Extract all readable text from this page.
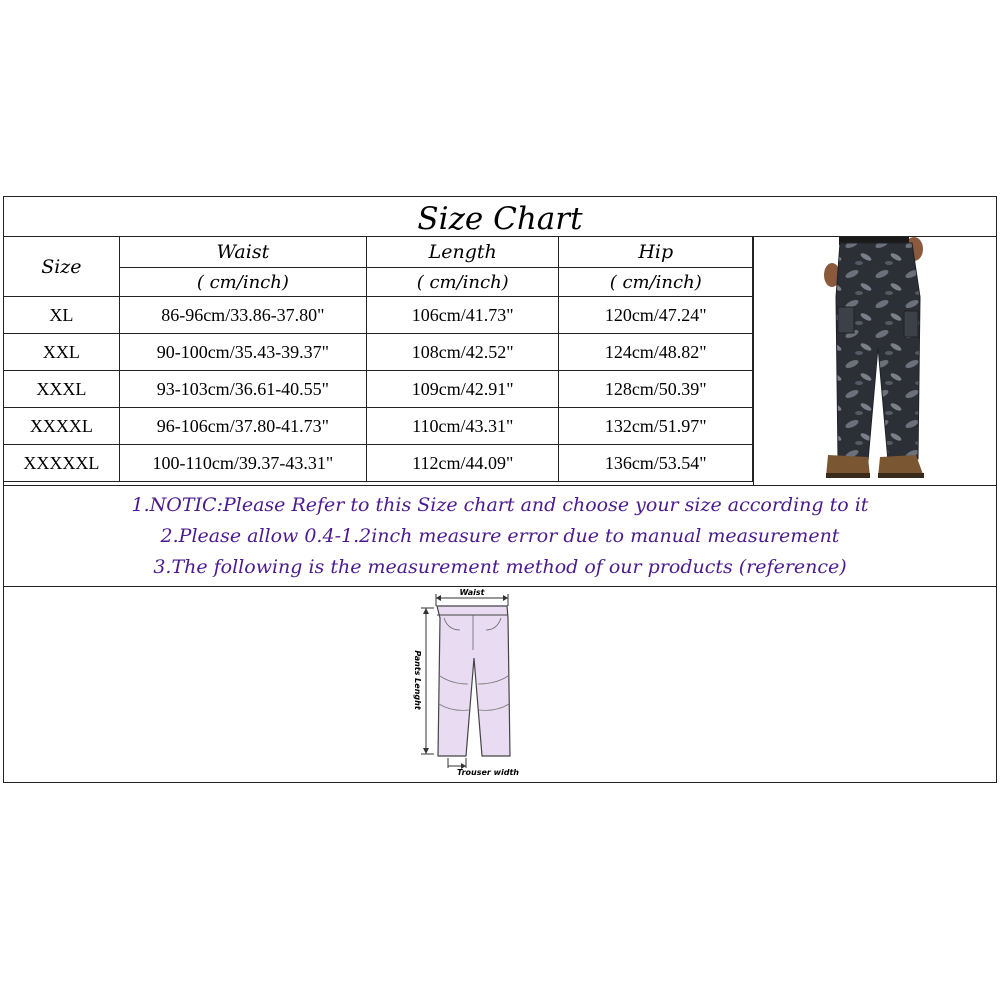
Size Chart
Size	Waist	Length	Hip
	( cm/inch)	( cm/inch)	( cm/inch)
XL	86-96cm/33.86-37.80"	106cm/41.73"	120cm/47.24"
XXL	90-100cm/35.43-39.37"	108cm/42.52"	124cm/48.82"
XXXL	93-103cm/36.61-40.55"	109cm/42.91"	128cm/50.39"
XXXXL	96-106cm/37.80-41.73"	110cm/43.31"	132cm/51.97"
XXXXXL	100-110cm/39.37-43.31"	112cm/44.09"	136cm/53.54"
1.NOTIC:Please Refer to this Size chart and choose your size according to it
2.Please allow 0.4-1.2inch measure error due to manual measurement
3.The following is the measurement method of our products (reference)
Waist
Pants Lenght
Trouser width
